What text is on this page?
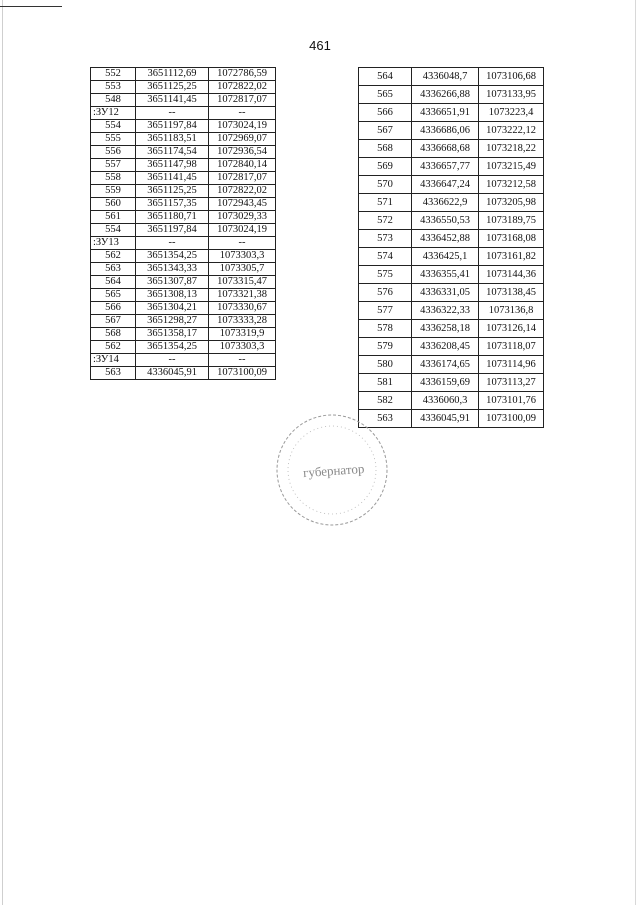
461
552	3651112,69	1072786,59
553	3651125,25	1072822,02
548	3651141,45	1072817,07
:ЗУ12	--	--
554	3651197,84	1073024,19
555	3651183,51	1072969,07
556	3651174,54	1072936,54
557	3651147,98	1072840,14
558	3651141,45	1072817,07
559	3651125,25	1072822,02
560	3651157,35	1072943,45
561	3651180,71	1073029,33
554	3651197,84	1073024,19
:ЗУ13	--	--
562	3651354,25	1073303,3
563	3651343,33	1073305,7
564	3651307,87	1073315,47
565	3651308,13	1073321,38
566	3651304,21	1073330,67
567	3651298,27	1073333,28
568	3651358,17	1073319,9
562	3651354,25	1073303,3
:ЗУ14	--	--
563	4336045,91	1073100,09
564	4336048,7	1073106,68
565	4336266,88	1073133,95
566	4336651,91	1073223,4
567	4336686,06	1073222,12
568	4336668,68	1073218,22
569	4336657,77	1073215,49
570	4336647,24	1073212,58
571	4336622,9	1073205,98
572	4336550,53	1073189,75
573	4336452,88	1073168,08
574	4336425,1	1073161,82
575	4336355,41	1073144,36
576	4336331,05	1073138,45
577	4336322,33	1073136,8
578	4336258,18	1073126,14
579	4336208,45	1073118,07
580	4336174,65	1073114,96
581	4336159,69	1073113,27
582	4336060,3	1073101,76
563	4336045,91	1073100,09
губернатор
